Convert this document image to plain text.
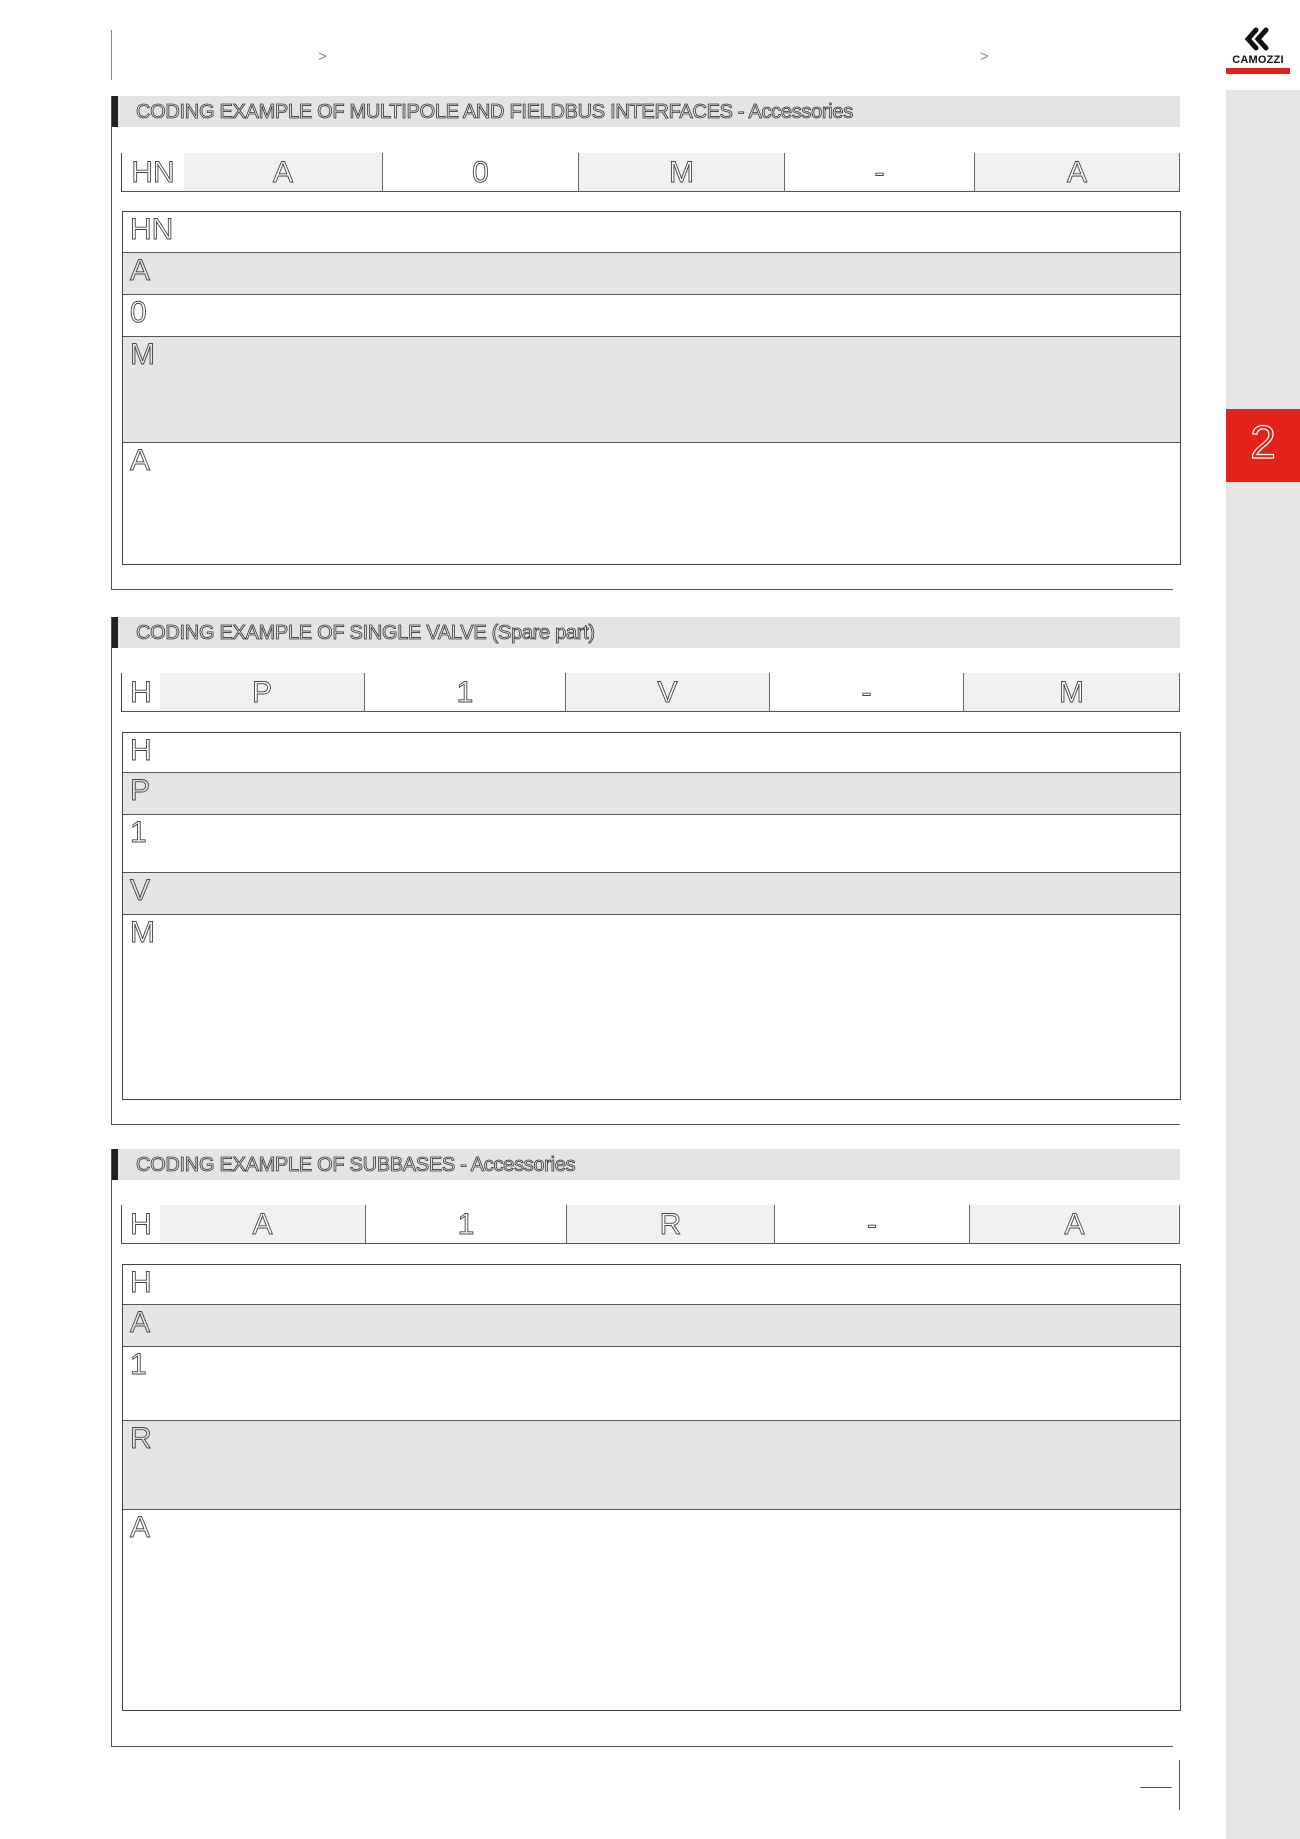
2
CAMOZZI
>	>
CODING EXAMPLE OF MULTIPOLE AND FIELDBUS INTERFACES - Accessories
HN	A	0	M	-	A
HN
A
0
M
A
CODING EXAMPLE OF SINGLE VALVE (Spare part)
H	P	1	V	-	M
H
P
1
V
M
CODING EXAMPLE OF SUBBASES - Accessories
H	A	1	R	-	A
H
A
1
R
A
